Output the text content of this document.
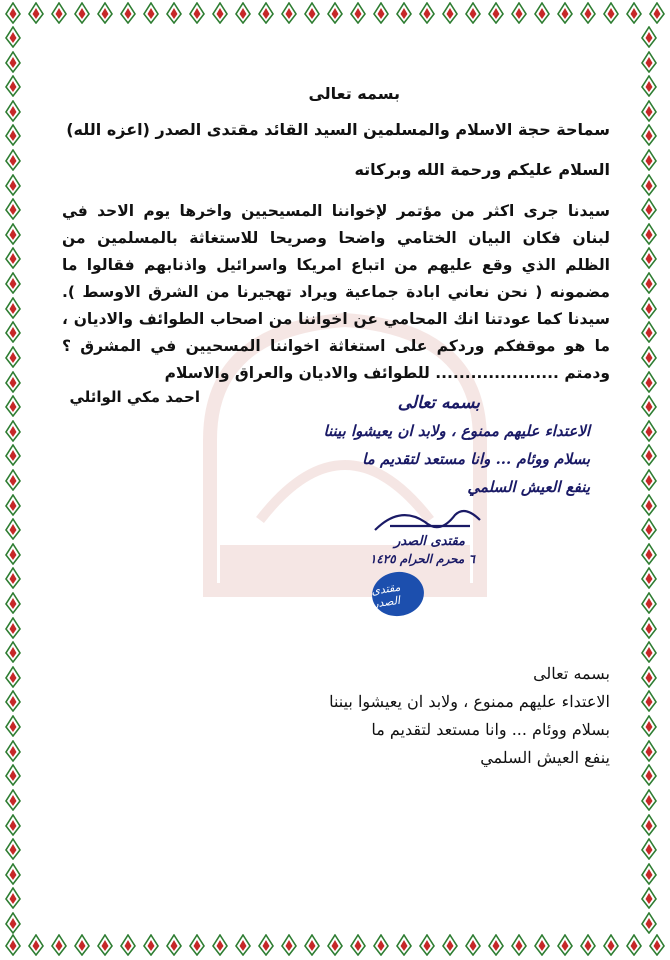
بسمه تعالى
سماحة حجة الاسلام والمسلمين السيد القائد مقتدى الصدر (اعزه الله)
السلام عليكم ورحمة الله وبركاته
سيدنا جرى اكثر من مؤتمر لإخواننا المسيحيين واخرها يوم الاحد في لبنان فكان البيان الختامي واضحا وصريحا للاستغاثة بالمسلمين من الظلم الذي وقع عليهم من اتباع امريكا واسرائيل واذنابهم فقالوا ما مضمونه ( نحن نعاني ابادة جماعية ويراد تهجيرنا من الشرق الاوسط ). سيدنا كما عودتنا انك المحامي عن اخواننا من اصحاب الطوائف والاديان ، ما هو موقفكم وردكم على استغاثة اخواننا المسحيين في المشرق ؟ ودمتم ..................... للطوائف والاديان والعراق والاسلام
احمد مكي الوائلي	بسمه تعالى
الاعتداء عليهم ممنوع ، ولابد ان يعيشوا بيننا
بسلام ووئام ... وانا مستعد لتقديم ما
ينفع العيش السلمي
مقتدى الصدر
٦ محرم الحرام ١٤٢٥
بسمه تعالى
الاعتداء عليهم ممنوع ، ولابد ان يعيشوا بيننا
بسلام ووئام ... وانا مستعد لتقديم ما
ينفع العيش السلمي
مقتدى الصدر
